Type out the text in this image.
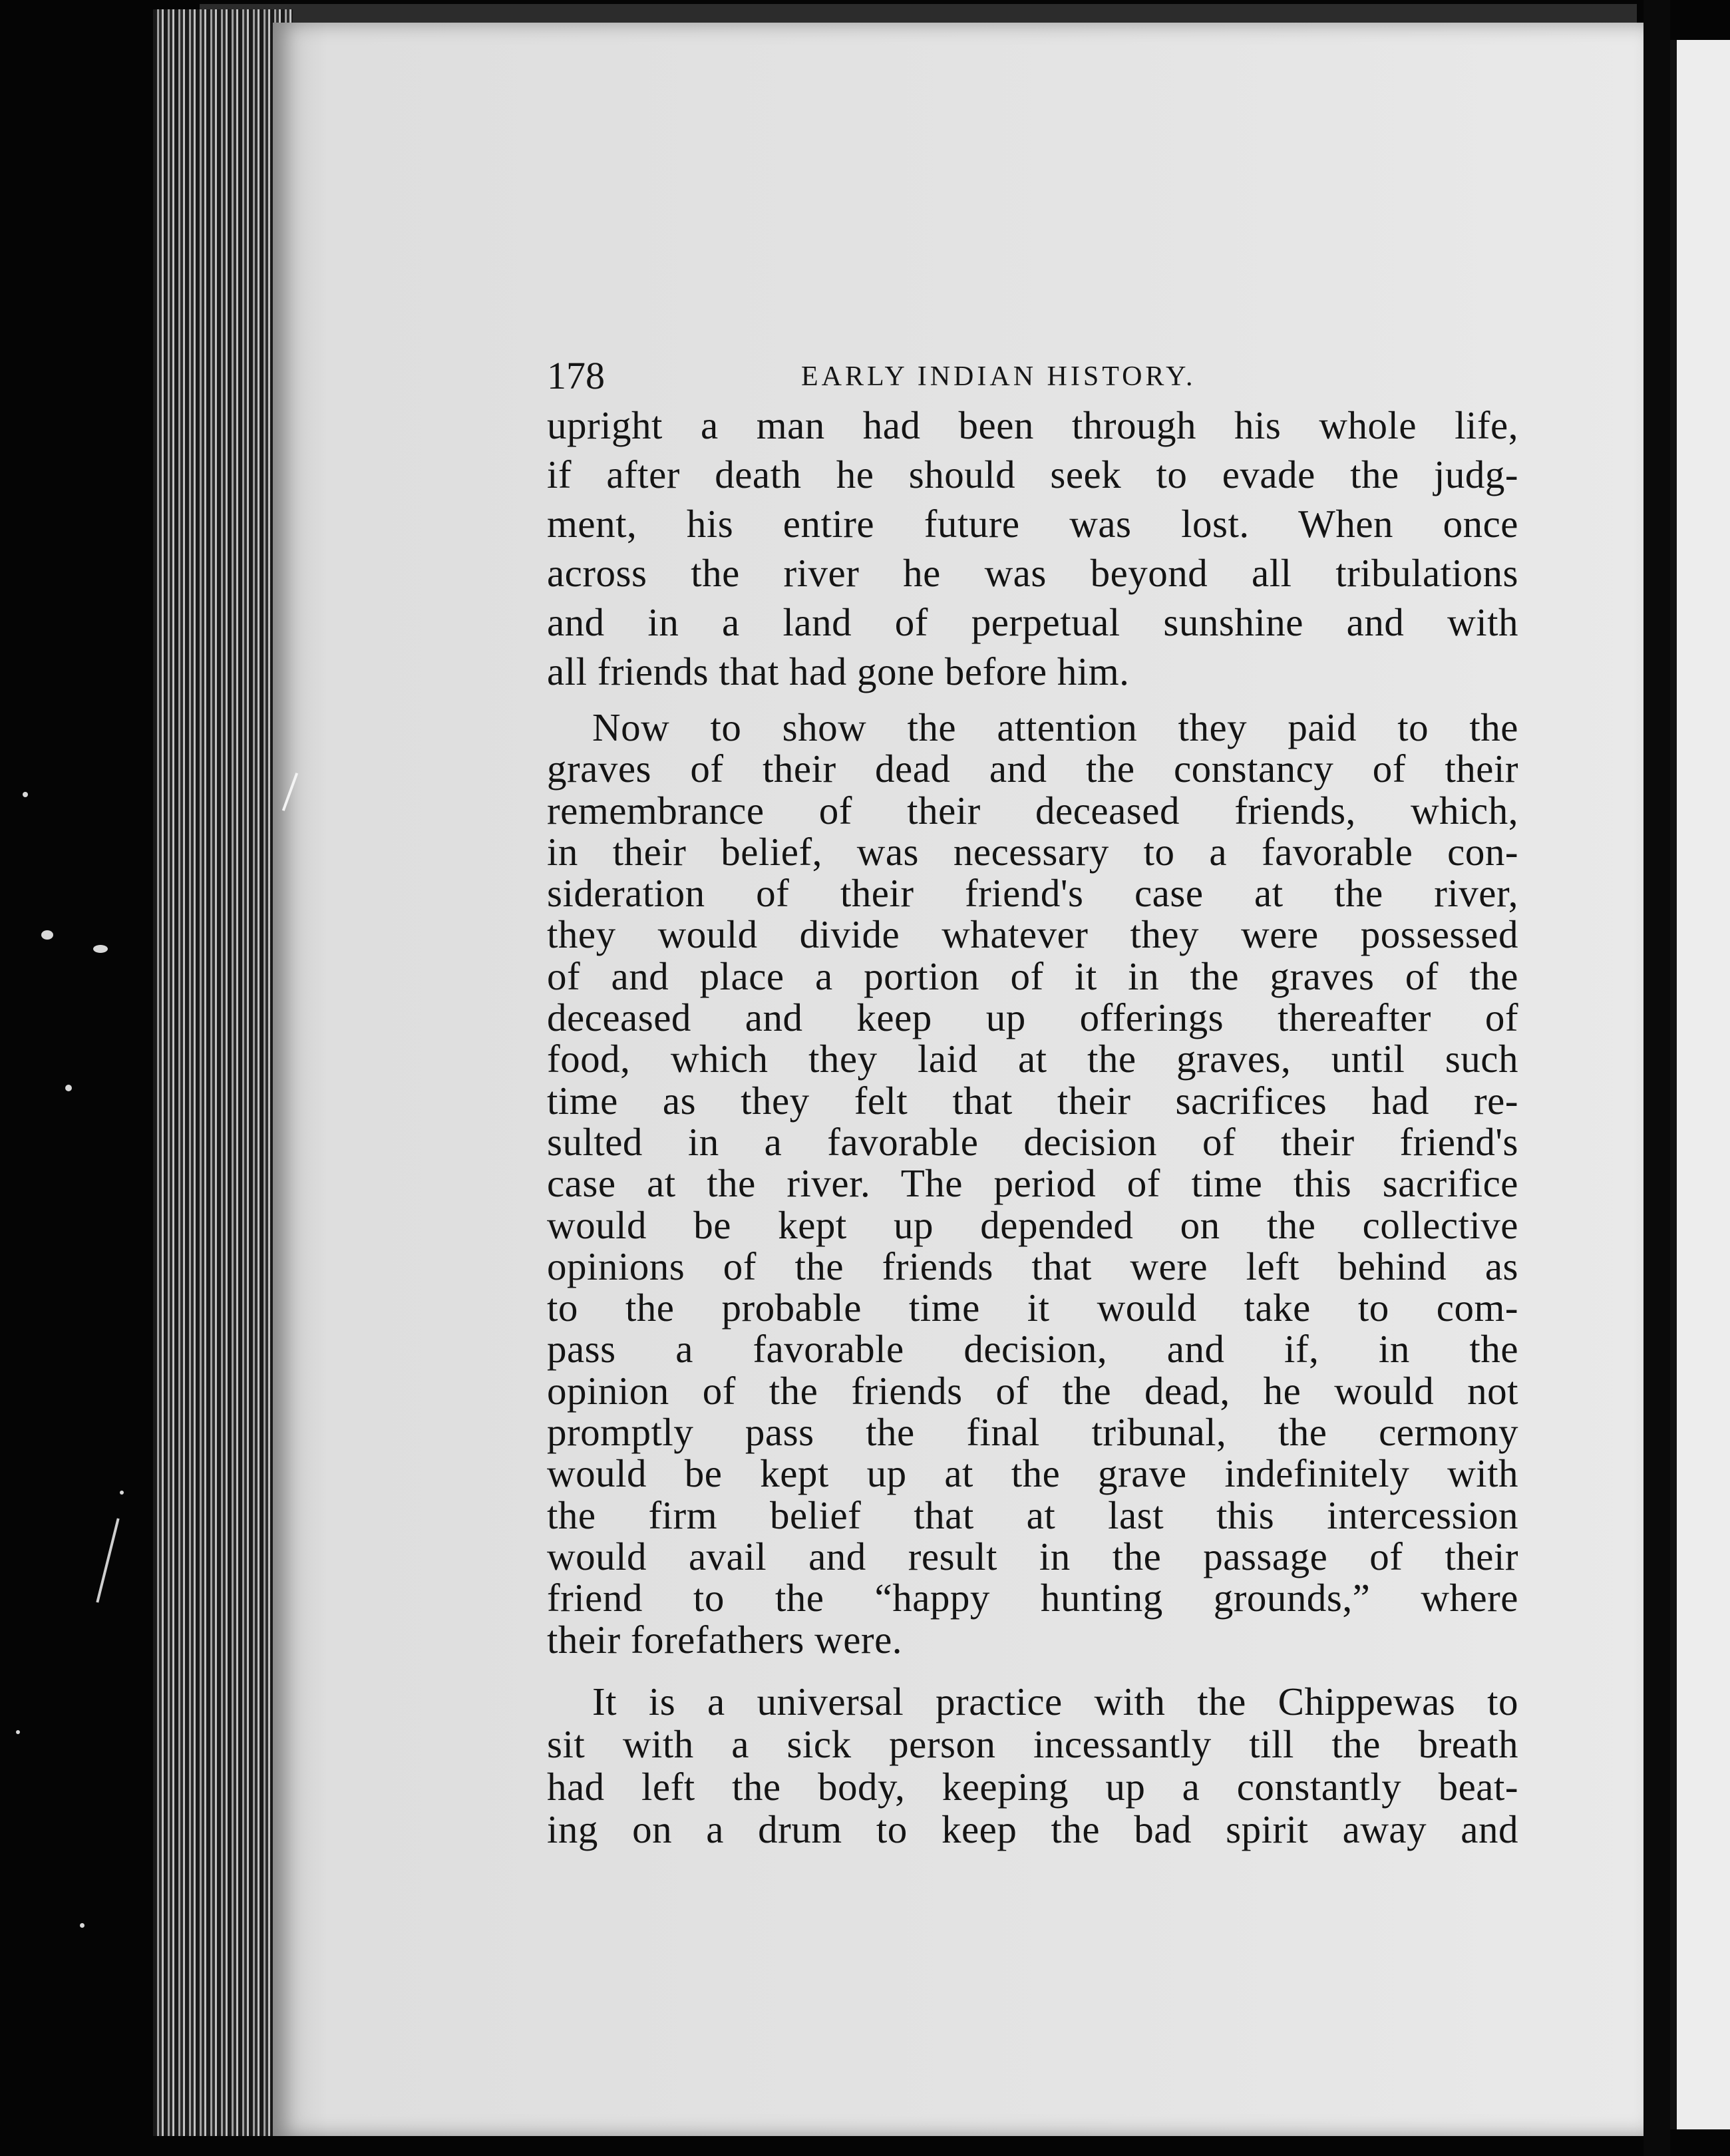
178	EARLY INDIAN HISTORY.
upright a man had been through his whole life,
if after death he should seek to evade the judg-
ment, his entire future was lost. When once
across the river he was beyond all tribulations
and in a land of perpetual sunshine and with
all friends that had gone before him.
Now to show the attention they paid to the
graves of their dead and the constancy of their
remembrance of their deceased friends, which,
in their belief, was necessary to a favorable con-
sideration of their friend's case at the river,
they would divide whatever they were possessed
of and place a portion of it in the graves of the
deceased and keep up offerings thereafter of
food, which they laid at the graves, until such
time as they felt that their sacrifices had re-
sulted in a favorable decision of their friend's
case at the river. The period of time this sacrifice
would be kept up depended on the collective
opinions of the friends that were left behind as
to the probable time it would take to com-
pass a favorable decision, and if, in the
opinion of the friends of the dead, he would not
promptly pass the final tribunal, the cermony
would be kept up at the grave indefinitely with
the firm belief that at last this intercession
would avail and result in the passage of their
friend to the “happy hunting grounds,” where
their forefathers were.
It is a universal practice with the Chippewas to
sit with a sick person incessantly till the breath
had left the body, keeping up a constantly beat-
ing on a drum to keep the bad spirit away and
